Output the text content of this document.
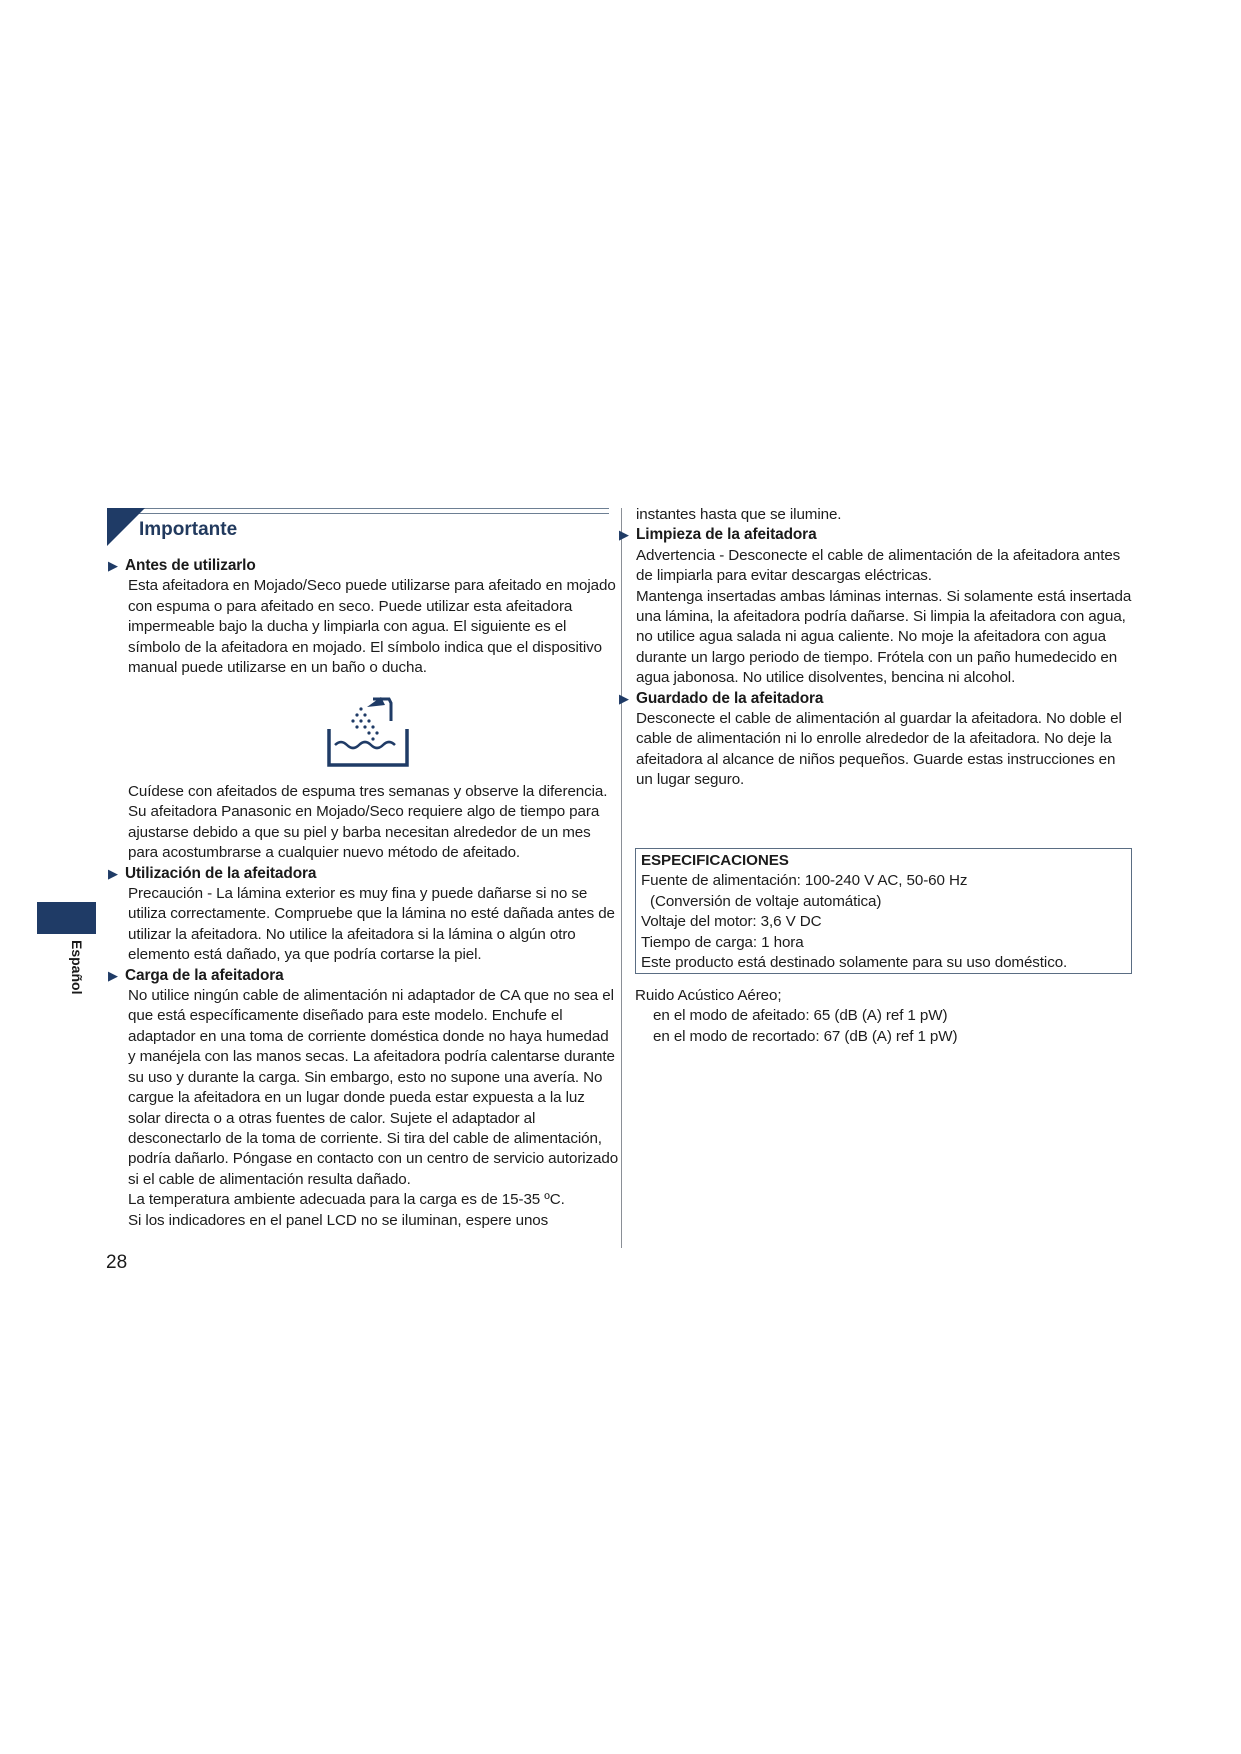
Importante
▶ Antes de utilizarlo
Esta afeitadora en Mojado/Seco puede utilizarse para afeitado en mojado con espuma o para afeitado en seco. Puede utilizar esta afeitadora impermeable bajo la ducha y limpiarla con agua. El siguiente es el símbolo de la afeitadora en mojado. El símbolo indica que el dispositivo manual puede utilizarse en un baño o ducha.
Cuídese con afeitados de espuma tres semanas y observe la diferencia. Su afeitadora Panasonic en Mojado/Seco requiere algo de tiempo para ajustarse debido a que su piel y barba necesitan alrededor de un mes para acostumbrarse a cualquier nuevo método de afeitado.
▶ Utilización de la afeitadora
Precaución - La lámina exterior es muy fina y puede dañarse si no se utiliza correctamente. Compruebe que la lámina no esté dañada antes de utilizar la afeitadora. No utilice la afeitadora si la lámina o algún otro elemento está dañado, ya que podría cortarse la piel.
▶ Carga de la afeitadora
No utilice ningún cable de alimentación ni adaptador de CA que no sea el que está específicamente diseñado para este modelo. Enchufe el adaptador en una toma de corriente doméstica donde no haya humedad y manéjela con las manos secas. La afeitadora podría calentarse durante su uso y durante la carga. Sin embargo, esto no supone una avería. No cargue la afeitadora en un lugar donde pueda estar expuesta a la luz solar directa o a otras fuentes de calor. Sujete el adaptador al desconectarlo de la toma de corriente. Si tira del cable de alimentación, podría dañarlo. Póngase en contacto con un centro de servicio autorizado si el cable de alimentación resulta dañado.
La temperatura ambiente adecuada para la carga es de 15-35 ºC.
Si los indicadores en el panel LCD no se iluminan, espere unos
instantes hasta que se ilumine.
▶ Limpieza de la afeitadora
Advertencia - Desconecte el cable de alimentación de la afeitadora antes de limpiarla para evitar descargas eléctricas.
Mantenga insertadas ambas láminas internas. Si solamente está insertada una lámina, la afeitadora podría dañarse. Si limpia la afeitadora con agua, no utilice agua salada ni agua caliente. No moje la afeitadora con agua durante un largo periodo de tiempo. Frótela con un paño humedecido en agua jabonosa. No utilice disolventes, bencina ni alcohol.
▶ Guardado de la afeitadora
Desconecte el cable de alimentación al guardar la afeitadora. No doble el cable de alimentación ni lo enrolle alrededor de la afeitadora. No deje la afeitadora al alcance de niños pequeños. Guarde estas instrucciones en un lugar seguro.
ESPECIFICACIONES
Fuente de alimentación: 100-240 V AC, 50-60 Hz
(Conversión de voltaje automática)
Voltaje del motor: 3,6 V DC
Tiempo de carga: 1 hora
Este producto está destinado solamente para su uso doméstico.
Ruido Acústico Aéreo;
en el modo de afeitado: 65 (dB (A) ref 1 pW)
en el modo de recortado: 67 (dB (A) ref 1 pW)
Español
28
